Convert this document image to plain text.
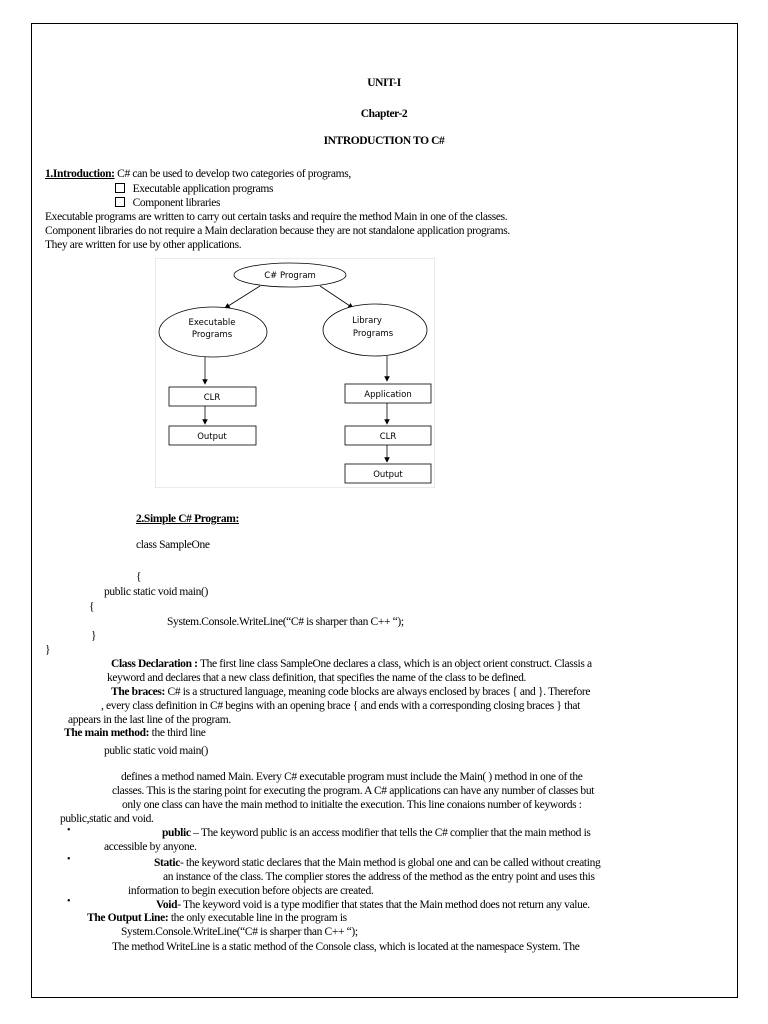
UNIT-I
Chapter-2
INTRODUCTION TO C#
1.Introduction: C# can be used to develop two categories of programs,
Executable application programs
Component libraries
Executable programs are written to carry out certain tasks and require the method Main in one of the classes.
Component libraries do not require a Main declaration because they are not standalone application programs.
They are written for use by other applications.
C# Program
Executable
Programs
Library
Programs
CLR
Output
Application
CLR
Output
2.Simple C# Program:
class SampleOne
{
public static void main()
{
System.Console.WriteLine(“C# is sharper than C++ “);
}
}
Class Declaration : The first line class SampleOne declares a class, which is an object orient construct. Classis a
keyword and declares that a new class definition, that specifies the name of the class to be defined.
The braces: C# is a structured language, meaning code blocks are always enclosed by braces { and }. Therefore
, every class definition in C# begins with an opening brace { and ends with a corresponding closing braces } that
appears in the last line of the program.
The main method: the third line
public static void main()
defines a method named Main. Every C# executable program must include the Main( ) method in one of the
classes. This is the staring point for executing the program. A C# applications can have any number of classes but
only one class can have the main method to initialte the execution. This line conaions number of keywords :
public,static and void.
•	public – The keyword public is an access modifier that tells the C# complier that the main method is
accessible by anyone.
•	Static- the keyword static declares that the Main method is global one and can be called without creating
an instance of the class. The complier stores the address of the method as the entry point and uses this
information to begin execution before objects are created.
•	Void- The keyword void is a type modifier that states that the Main method does not return any value.
The Output Line: the only executable line in the program is
System.Console.WriteLine(“C# is sharper than C++ “);
The method WriteLine is a static method of the Console class, which is located at the namespace System. The
